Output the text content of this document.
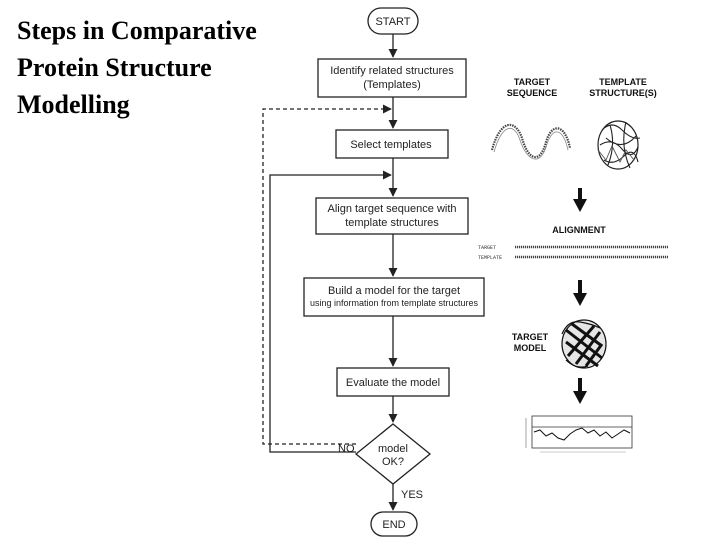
Steps in Comparative
Protein Structure
Modelling
START
Identify related structures
(Templates)
Select templates
Align target sequence with
template structures
Build a model for the target
using information from template structures
Evaluate the model
model
OK?
NO
YES
END
TARGET
SEQUENCE
TEMPLATE
STRUCTURE(S)
ALIGNMENT
TARGET
TEMPLATE
TARGET
MODEL
